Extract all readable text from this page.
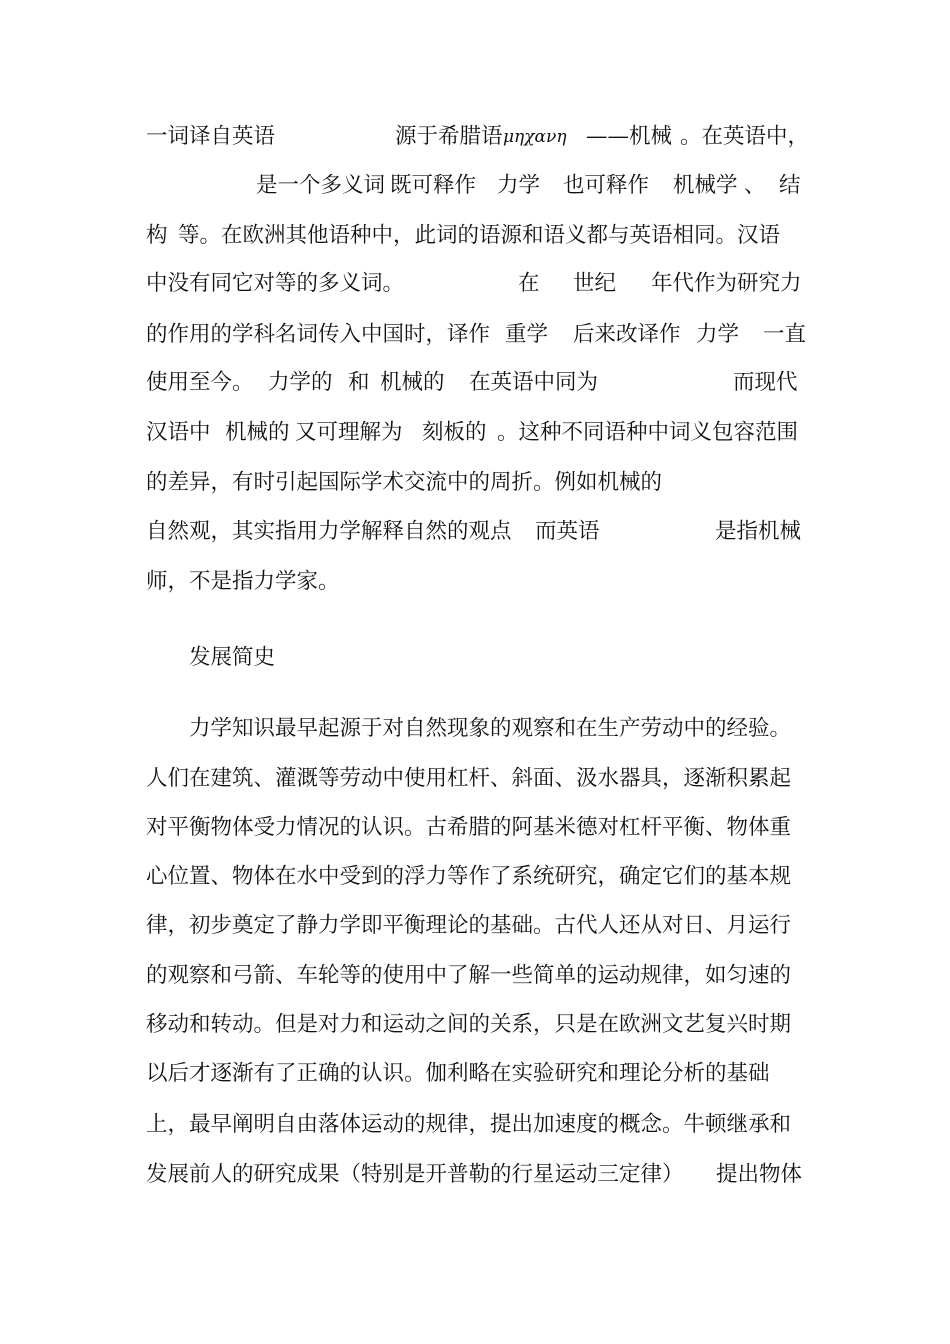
一词译自英语

	源于希腊语

μηχανη

——机械

。在英语中，

是一个多义词

既可释作

力学

也可释作

机械学

、

结

构

等。在欧洲其他语种中，此词的语源和语义都与英语相同。汉语

中没有同它对等的多义词。

	在

世纪

年代作为研究力

的作用的学科名词传入中国时，译作

重学

后来改译作

力学

一直

使用至今。

力学的

和

机械的

在英语中同为

	而现代

汉语中

机械的

又可理解为

刻板的

。这种不同语种中词义包容范围

的差异，有时引起国际学术交流中的周折。例如机械的

自然观，其实指用力学解释自然的观点

而英语

	是指机械

师，不是指力学家。

发展简史

力学知识最早起源于对自然现象的观察和在生产劳动中的经验。

人们在建筑、灌溉等劳动中使用杠杆、斜面、汲水器具，逐渐积累起

对平衡物体受力情况的认识。古希腊的阿基米德对杠杆平衡、物体重

心位置、物体在水中受到的浮力等作了系统研究，确定它们的基本规

律，初步奠定了静力学即平衡理论的基础。古代人还从对日、月运行

的观察和弓箭、车轮等的使用中了解一些简单的运动规律，如匀速的

移动和转动。但是对力和运动之间的关系，只是在欧洲文艺复兴时期

以后才逐渐有了正确的认识。伽利略在实验研究和理论分析的基础

上，最早阐明自由落体运动的规律，提出加速度的概念。牛顿继承和

发展前人的研究成果（特别是开普勒的行星运动三定律）

提出物体
